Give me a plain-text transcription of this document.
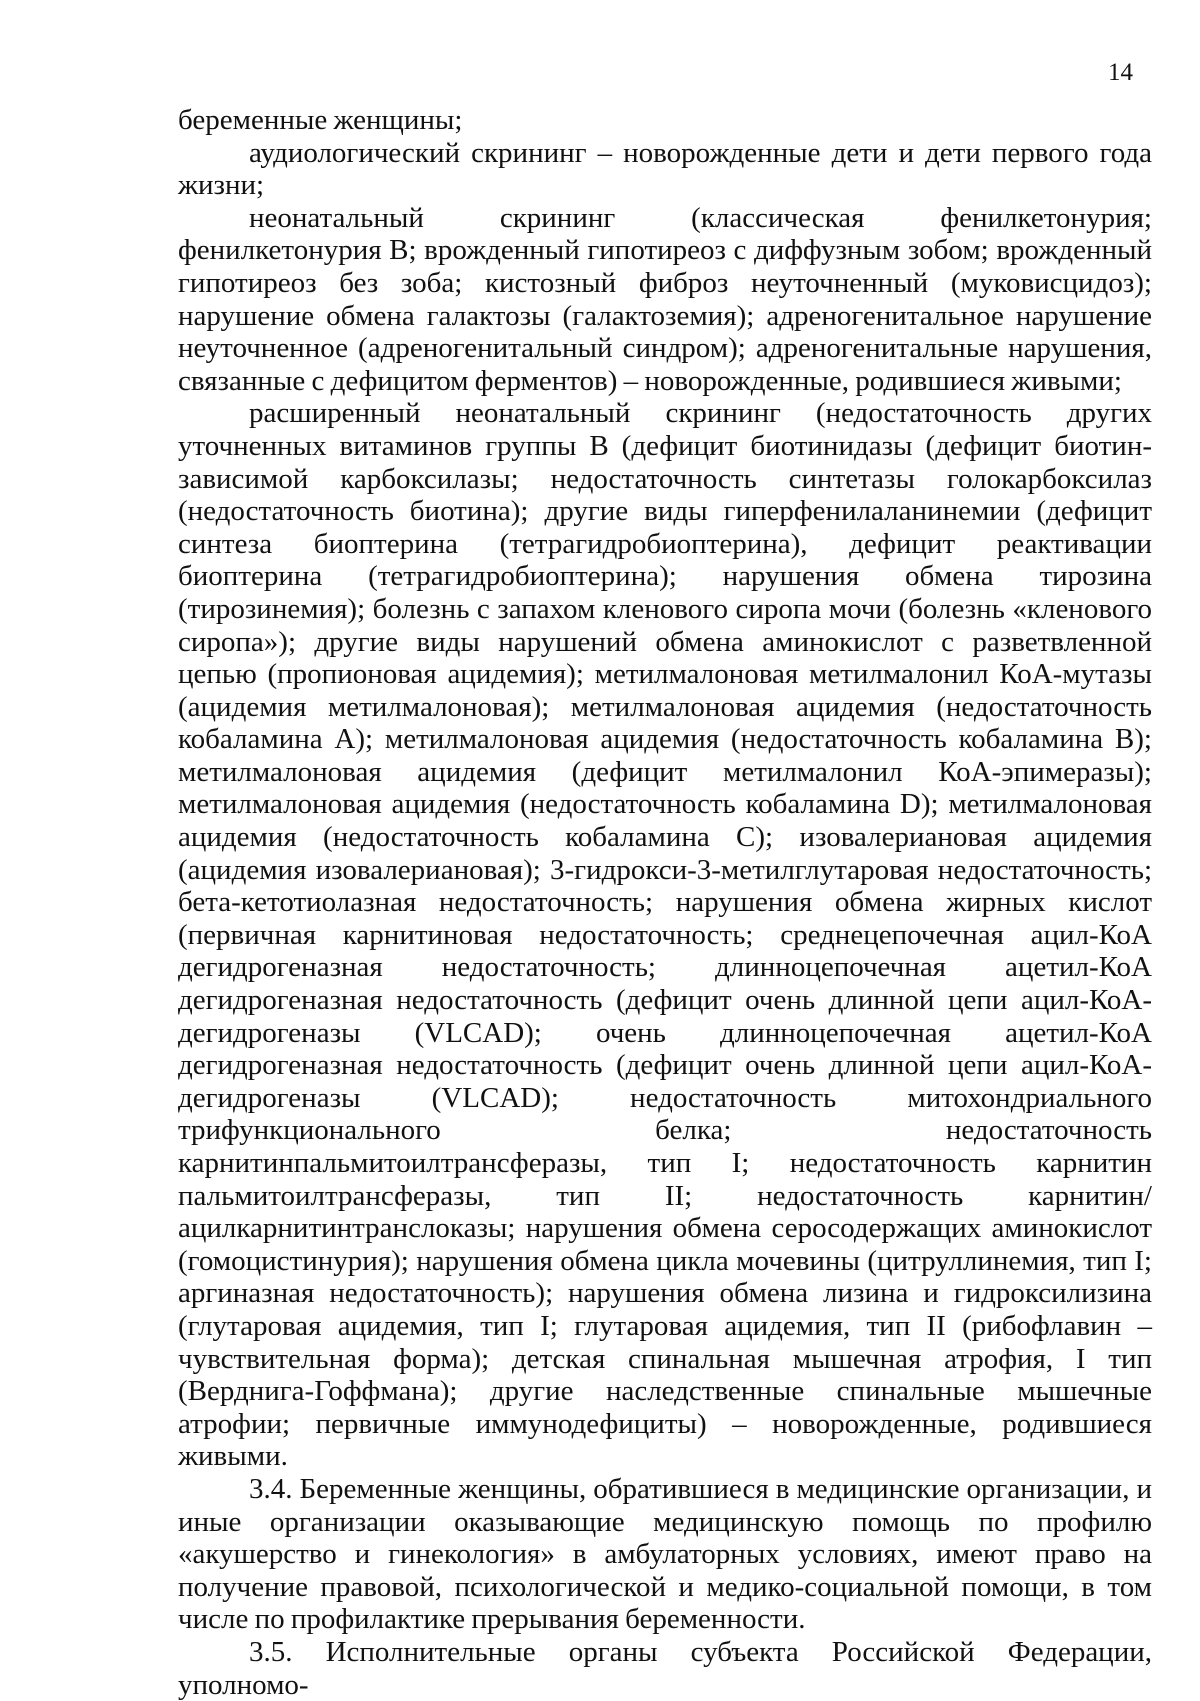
14

беременные женщины;

аудиологический скрининг – новорожденные дети и дети первого года жизни;

неонатальный скрининг (классическая фенилкетонурия; фенилкетонурия В; врожденный гипотиреоз с диффузным зобом; врожденный гипотиреоз без зоба; кистозный фиброз неуточненный (муковисцидоз); нарушение обмена галактозы (галактоземия); адреногенитальное нарушение неуточненное (адреногенитальный синдром); адреногенитальные нарушения, связанные с дефицитом ферментов) – новорожденные, родившиеся живыми;

расширенный неонатальный скрининг (недостаточность других уточненных витаминов группы В (дефицит биотинидазы (дефицит биотин-зависимой карбоксилазы; недостаточность синтетазы голокарбоксилаз (недостаточность биотина); другие виды гиперфенилаланинемии (дефицит синтеза биоптерина (тетрагидробиоптерина), дефицит реактивации биоптерина (тетрагидробиоптерина); нарушения обмена тирозина (тирозинемия); болезнь с запахом кленового сиропа мочи (болезнь «кленового сиропа»); другие виды нарушений обмена аминокислот с разветвленной цепью (пропионовая ацидемия); метилмалоновая метилмалонил КоА-мутазы (ацидемия метилмалоновая); метилмалоновая ацидемия (недостаточность кобаламина А); метилмалоновая ацидемия (недостаточность кобаламина В); метилмалоновая ацидемия (дефицит метилмалонил КоА-эпимеразы); метилмалоновая ацидемия (недостаточность кобаламина D); метилмалоновая ацидемия (недостаточность кобаламина С); изовалериановая ацидемия (ацидемия изовалериановая); 3-гидрокси-3-метилглутаровая недостаточность; бета-кетотиолазная недостаточность; нарушения обмена жирных кислот (первичная карнитиновая недостаточность; среднецепочечная ацил-КоА дегидрогеназная недостаточность; длинноцепочечная ацетил-КоА дегидрогеназная недостаточность (дефицит очень длинной цепи ацил-КоА-дегидрогеназы (VLCAD); очень длинноцепочечная ацетил-КоА дегидрогеназная недостаточность (дефицит очень длинной цепи ацил-КоА-дегидрогеназы (VLCAD); недостаточность митохондриального трифункционального белка; недостаточность карнитинпальмитоилтрансферазы, тип I; недостаточность карнитин пальмитоилтрансферазы, тип II; недостаточность карнитин/ацилкарнитинтранслоказы; нарушения обмена серосодержащих аминокислот (гомоцистинурия); нарушения обмена цикла мочевины (цитруллинемия, тип I; аргиназная недостаточность); нарушения обмена лизина и гидроксилизина (глутаровая ацидемия, тип I; глутаровая ацидемия, тип II (рибофлавин – чувствительная форма); детская спинальная мышечная атрофия, I тип (Верднига-Гоффмана); другие наследственные спинальные мышечные атрофии; первичные иммунодефициты) – новорожденные, родившиеся живыми.

3.4. Беременные женщины, обратившиеся в медицинские организации, и иные организации оказывающие медицинскую помощь по профилю «акушерство и гинекология» в амбулаторных условиях, имеют право на получение правовой, психологической и медико-социальной помощи, в том числе по профилактике прерывания беременности.

3.5. Исполнительные органы субъекта Российской Федерации, уполномо-
